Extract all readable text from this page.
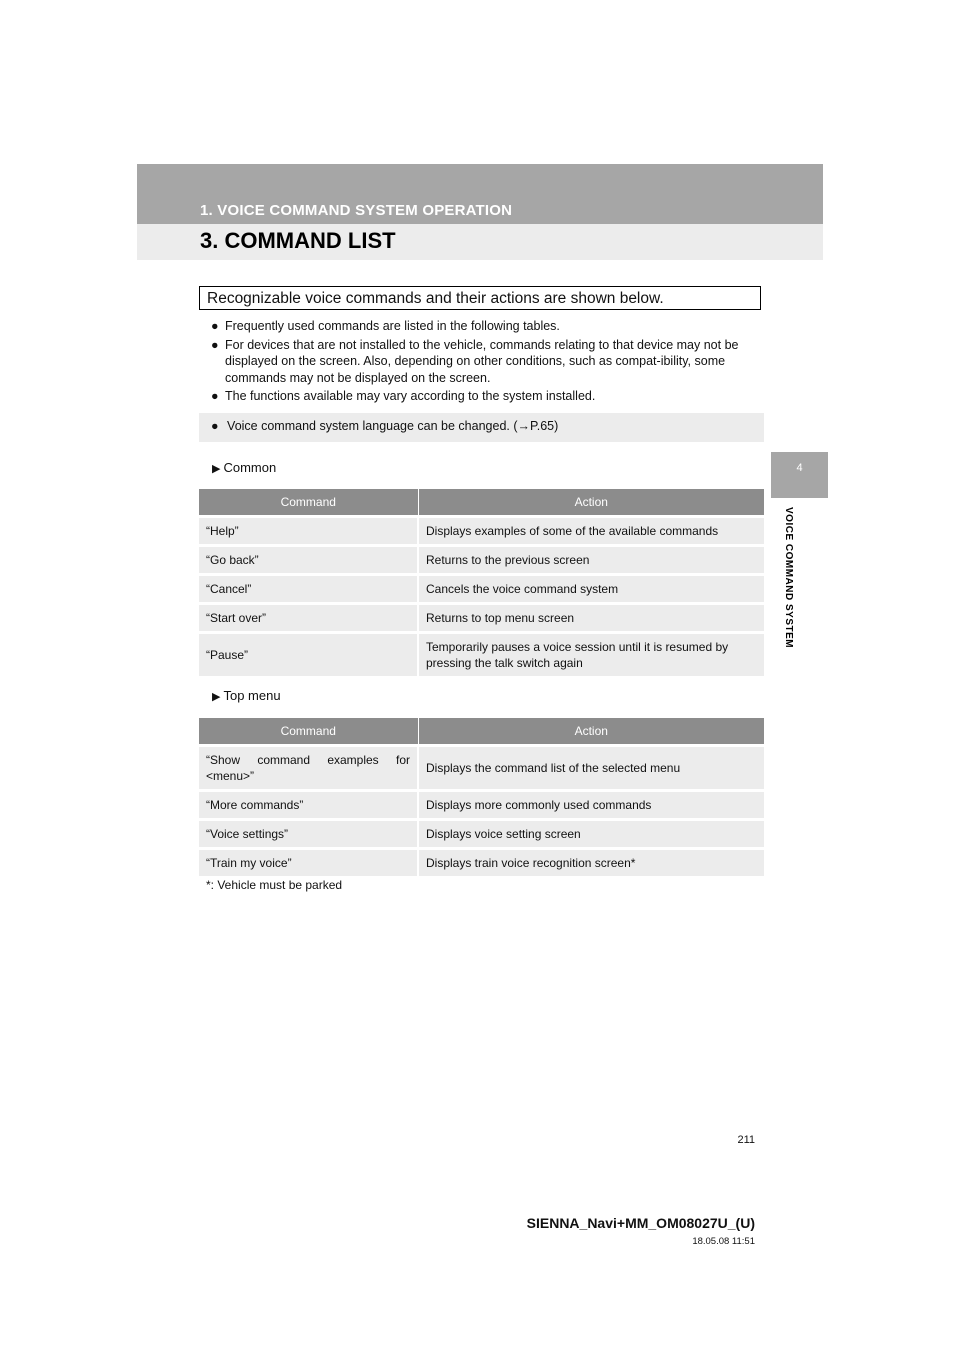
1. VOICE COMMAND SYSTEM OPERATION
3. COMMAND LIST
4
VOICE COMMAND SYSTEM
Recognizable voice commands and their actions are shown below.
● Frequently used commands are listed in the following tables.
● For devices that are not installed to the vehicle, commands relating to that device may not be displayed on the screen. Also, depending on other conditions, such as compat-ibility, some commands may not be displayed on the screen.
● The functions available may vary according to the system installed.
● Voice command system language can be changed. (→P.65)
▶ Common
Command	Action
“Help”	Displays examples of some of the available commands
“Go back”	Returns to the previous screen
“Cancel”	Cancels the voice command system
“Start over”	Returns to top menu screen
“Pause”	Temporarily pauses a voice session until it is resumed by pressing the talk switch again
▶ Top menu
Command	Action
“Show command examples for <menu>”	Displays the command list of the selected menu
“More commands”	Displays more commonly used commands
“Voice settings”	Displays voice setting screen
“Train my voice”	Displays train voice recognition screen*
*: Vehicle must be parked
211
SIENNA_Navi+MM_OM08027U_(U)
18.05.08 11:51
